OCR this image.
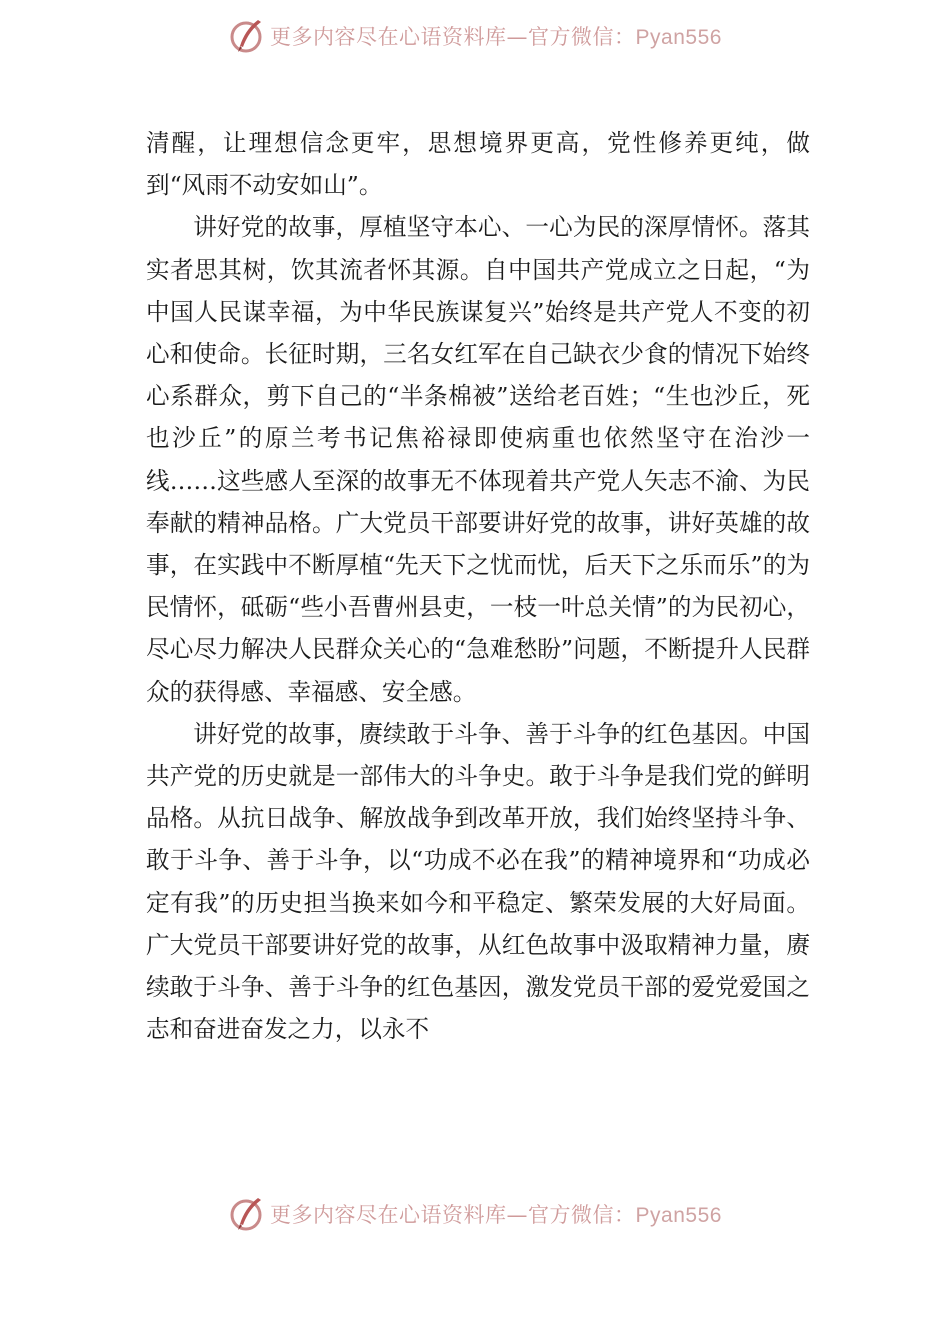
更多内容尽在心语资料库—官方微信：Pyan556

清醒，让理想信念更牢，思想境界更高，党性修养更纯，做到“风雨不动安如山”。

讲好党的故事，厚植坚守本心、一心为民的深厚情怀。落其实者思其树，饮其流者怀其源。自中国共产党成立之日起，“为中国人民谋幸福，为中华民族谋复兴”始终是共产党人不变的初心和使命。长征时期，三名女红军在自己缺衣少食的情况下始终心系群众，剪下自己的“半条棉被”送给老百姓；“生也沙丘，死也沙丘”的原兰考书记焦裕禄即使病重也依然坚守在治沙一线……这些感人至深的故事无不体现着共产党人矢志不渝、为民奉献的精神品格。广大党员干部要讲好党的故事，讲好英雄的故事，在实践中不断厚植“先天下之忧而忧，后天下之乐而乐”的为民情怀，砥砺“些小吾曹州县吏，一枝一叶总关情”的为民初心，尽心尽力解决人民群众关心的“急难愁盼”问题，不断提升人民群众的获得感、幸福感、安全感。

讲好党的故事，赓续敢于斗争、善于斗争的红色基因。中国共产党的历史就是一部伟大的斗争史。敢于斗争是我们党的鲜明品格。从抗日战争、解放战争到改革开放，我们始终坚持斗争、敢于斗争、善于斗争，以“功成不必在我”的精神境界和“功成必定有我”的历史担当换来如今和平稳定、繁荣发展的大好局面。广大党员干部要讲好党的故事，从红色故事中汲取精神力量，赓续敢于斗争、善于斗争的红色基因，激发党员干部的爱党爱国之志和奋进奋发之力，以永不

更多内容尽在心语资料库—官方微信：Pyan556
